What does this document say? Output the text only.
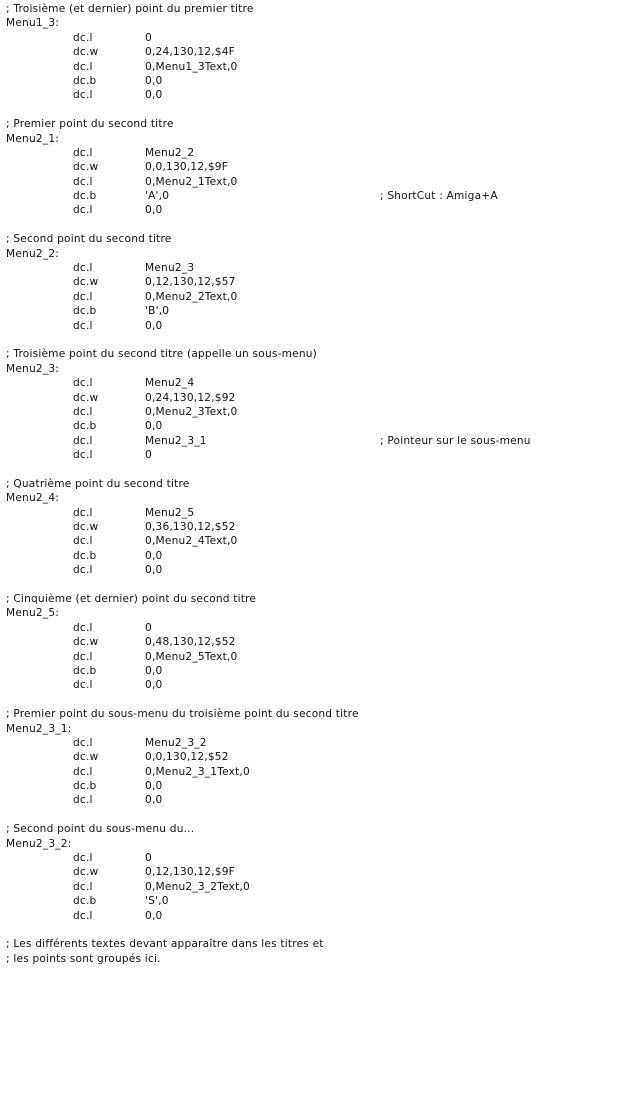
; Troisième (et dernier) point du premier titre
Menu1_3:
dc.l	0
dc.w	0,24,130,12,$4F
dc.l	0,Menu1_3Text,0
dc.b	0,0
dc.l	0,0
; Premier point du second titre
Menu2_1:
dc.l	Menu2_2
dc.w	0,0,130,12,$9F
dc.l	0,Menu2_1Text,0
dc.b	'A',0	; ShortCut : Amiga+A
dc.l	0,0
; Second point du second titre
Menu2_2:
dc.l	Menu2_3
dc.w	0,12,130,12,$57
dc.l	0,Menu2_2Text,0
dc.b	'B',0
dc.l	0,0
; Troisième point du second titre (appelle un sous-menu)
Menu2_3:
dc.l	Menu2_4
dc.w	0,24,130,12,$92
dc.l	0,Menu2_3Text,0
dc.b	0,0
dc.l	Menu2_3_1	; Pointeur sur le sous-menu
dc.l	0
; Quatrième point du second titre
Menu2_4:
dc.l	Menu2_5
dc.w	0,36,130,12,$52
dc.l	0,Menu2_4Text,0
dc.b	0,0
dc.l	0,0
; Cinquième (et dernier) point du second titre
Menu2_5:
dc.l	0
dc.w	0,48,130,12,$52
dc.l	0,Menu2_5Text,0
dc.b	0,0
dc.l	0,0
; Premier point du sous-menu du troisième point du second titre
Menu2_3_1:
dc.l	Menu2_3_2
dc.w	0,0,130,12,$52
dc.l	0,Menu2_3_1Text,0
dc.b	0,0
dc.l	0,0
; Second point du sous-menu du...
Menu2_3_2:
dc.l	0
dc.w	0,12,130,12,$9F
dc.l	0,Menu2_3_2Text,0
dc.b	'S',0
dc.l	0,0
; Les différents textes devant apparaître dans les titres et
; les points sont groupés ici.
